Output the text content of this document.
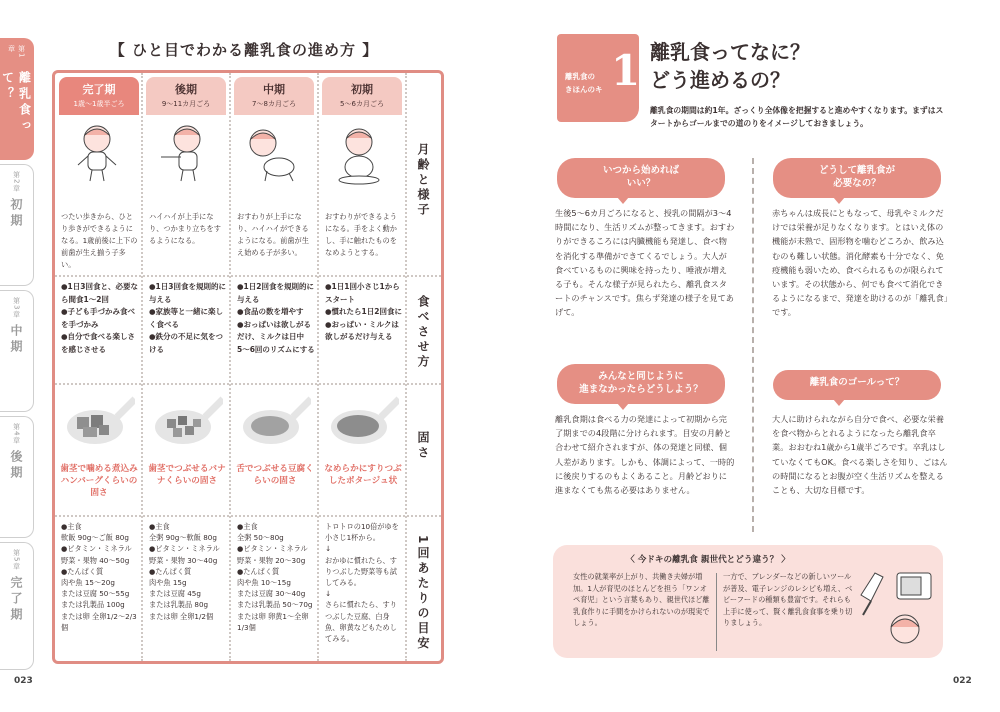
第1章
離乳食って？
第2章
初期
第3章
中期
第4章
後期
第5章
完了期
【 ひと目でわかる離乳食の進め方 】
完了期
1歳〜1歳半ごろ
後期
9〜11カ月ごろ
中期
7〜8カ月ごろ
初期
5〜6カ月ごろ
つたい歩きから、ひとり歩きができるようになる。1歳前後に上下の前歯が生え揃う子多い。
ハイハイが上手になり、つかまり立ちをするようになる。
おすわりが上手になり、ハイハイができるようになる。前歯が生え始める子が多い。
おすわりができるようになる。手をよく動かし、手に触れたものをなめようとする。
●1日3回食と、必要なら間食1〜2回
●子ども手づかみ食べを手づかみ
●自分で食べる楽しさを感じさせる
●1日3回食を規則的に与える
●家族等と一緒に楽しく食べる
●鉄分の不足に気をつける
●1日2回食を規則的に与える
●食品の数を増やす
●おっぱいは欲しがるだけ、ミルクは日中5〜6回のリズムにする
●1日1回小さじ1からスタート
●慣れたら1日2回食に
●おっぱい・ミルクは欲しがるだけ与える
歯茎で噛める煮込みハンバーグくらいの固さ
歯茎でつぶせるバナナくらいの固さ
舌でつぶせる豆腐くらいの固さ
なめらかにすりつぶしたポタージュ状
●主食
軟飯 90g〜ご飯 80g
●ビタミン・ミネラル
野菜・果物 40〜50g
●たんぱく質
肉や魚 15〜20g
または豆腐 50〜55g
または乳製品 100g
または卵 全卵1/2〜2/3個
●主食
全粥 90g〜軟飯 80g
●ビタミン・ミネラル
野菜・果物 30〜40g
●たんぱく質
肉や魚 15g
または豆腐 45g
または乳製品 80g
または卵 全卵1/2個
●主食
全粥 50〜80g
●ビタミン・ミネラル
野菜・果物 20〜30g
●たんぱく質
肉や魚 10〜15g
または豆腐 30〜40g
または乳製品 50〜70g
または卵 卵黄1〜全卵1/3個
トロトロの10倍がゆを小さじ1杯から。
↓
おかゆに慣れたら、すりつぶした野菜等も試してみる。
↓
さらに慣れたら、すりつぶした豆腐、白身魚、卵黄などもためしてみる。
月齢と様子
食べさせ方
固さ
1回あたりの目安
023
離乳食の
きほんのキ 1 離乳食ってなに？
どう進めるの？
離乳食の期間は約1年。ざっくり全体像を把握すると進めやすくなります。まずはスタートからゴールまでの道のりをイメージしておきましょう。
いつから始めれば
いい？
生後5〜6カ月ごろになると、授乳の間隔が3〜4時間になり、生活リズムが整ってきます。おすわりができるころには内臓機能も発達し、食べ物を消化する準備ができてくるでしょう。大人が食べているものに興味を持ったり、唾液が増える子も。そんな様子が見られたら、離乳食スタートのチャンスです。焦らず発達の様子を見てあげて。
みんなと同じように
進まなかったらどうしよう？
離乳食期は食べる力の発達によって初期から完了期までの4段階に分けられます。目安の月齢と合わせて紹介されますが、体の発達と同様、個人差があります。しかも、体調によって、一時的に後戻りするのもよくあること。月齢どおりに進まなくても焦る必要はありません。
どうして離乳食が
必要なの？
赤ちゃんは成長にともなって、母乳やミルクだけでは栄養が足りなくなります。とはいえ体の機能が未熟で、固形物を噛むどころか、飲み込むのも難しい状態。消化酵素も十分でなく、免疫機能も弱いため、食べられるものが限られています。その状態から、何でも食べて消化できるようになるまで、発達を助けるのが「離乳食」です。
離乳食のゴールって？
大人に助けられながら自分で食べ、必要な栄養を食べ物からとれるようになったら離乳食卒業。おおむね1歳から1歳半ごろです。卒乳はしていなくてもOK。食べる楽しさを知り、ごはんの時間になるとお腹が空く生活リズムを整えることも、大切な目標です。
〈 今ドキの離乳食 親世代とどう違う？ 〉
女性の就業率が上がり、共働き夫婦が増加。1人が育児のほとんどを担う「ワンオペ育児」という言葉もあり、親世代ほど離乳食作りに手間をかけられないのが現実でしょう。
一方で、ブレンダーなどの新しいツールが普及、電子レンジのレシピも増え、ベビーフードの種類も豊富です。それらも上手に使って、賢く離乳食食事を乗り切りましょう。
022
